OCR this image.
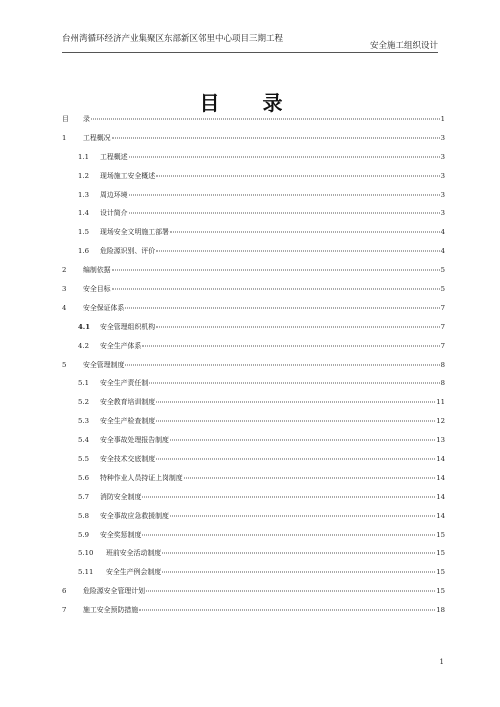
台州湾循环经济产业集聚区东部新区邻里中心项目三期工程
安全施工组织设计
目 录
目	录	1
1	工程概况	3
1.1	工程概述	3
1.2	现场施工安全概述	3
1.3	周边环境	3
1.4	设计简介	3
1.5	现场安全文明施工部署	4
1.6	危险源识别、评价	4
2	编制依据	5
3	安全目标	5
4	安全保证体系	7
4.1	安全管理组织机构	7
4.2	安全生产体系	7
5	安全管理制度	8
5.1	安全生产责任制	8
5.2	安全教育培训制度	11
5.3	安全生产检查制度	12
5.4	安全事故处理报告制度	13
5.5	安全技术交底制度	14
5.6	特种作业人员持证上岗制度	14
5.7	消防安全制度	14
5.8	安全事故应急救援制度	14
5.9	安全奖惩制度	15
5.10	班前安全活动制度	15
5.11	安全生产例会制度	15
6	危险源安全管理计划	15
7	施工安全预防措施	18
1
